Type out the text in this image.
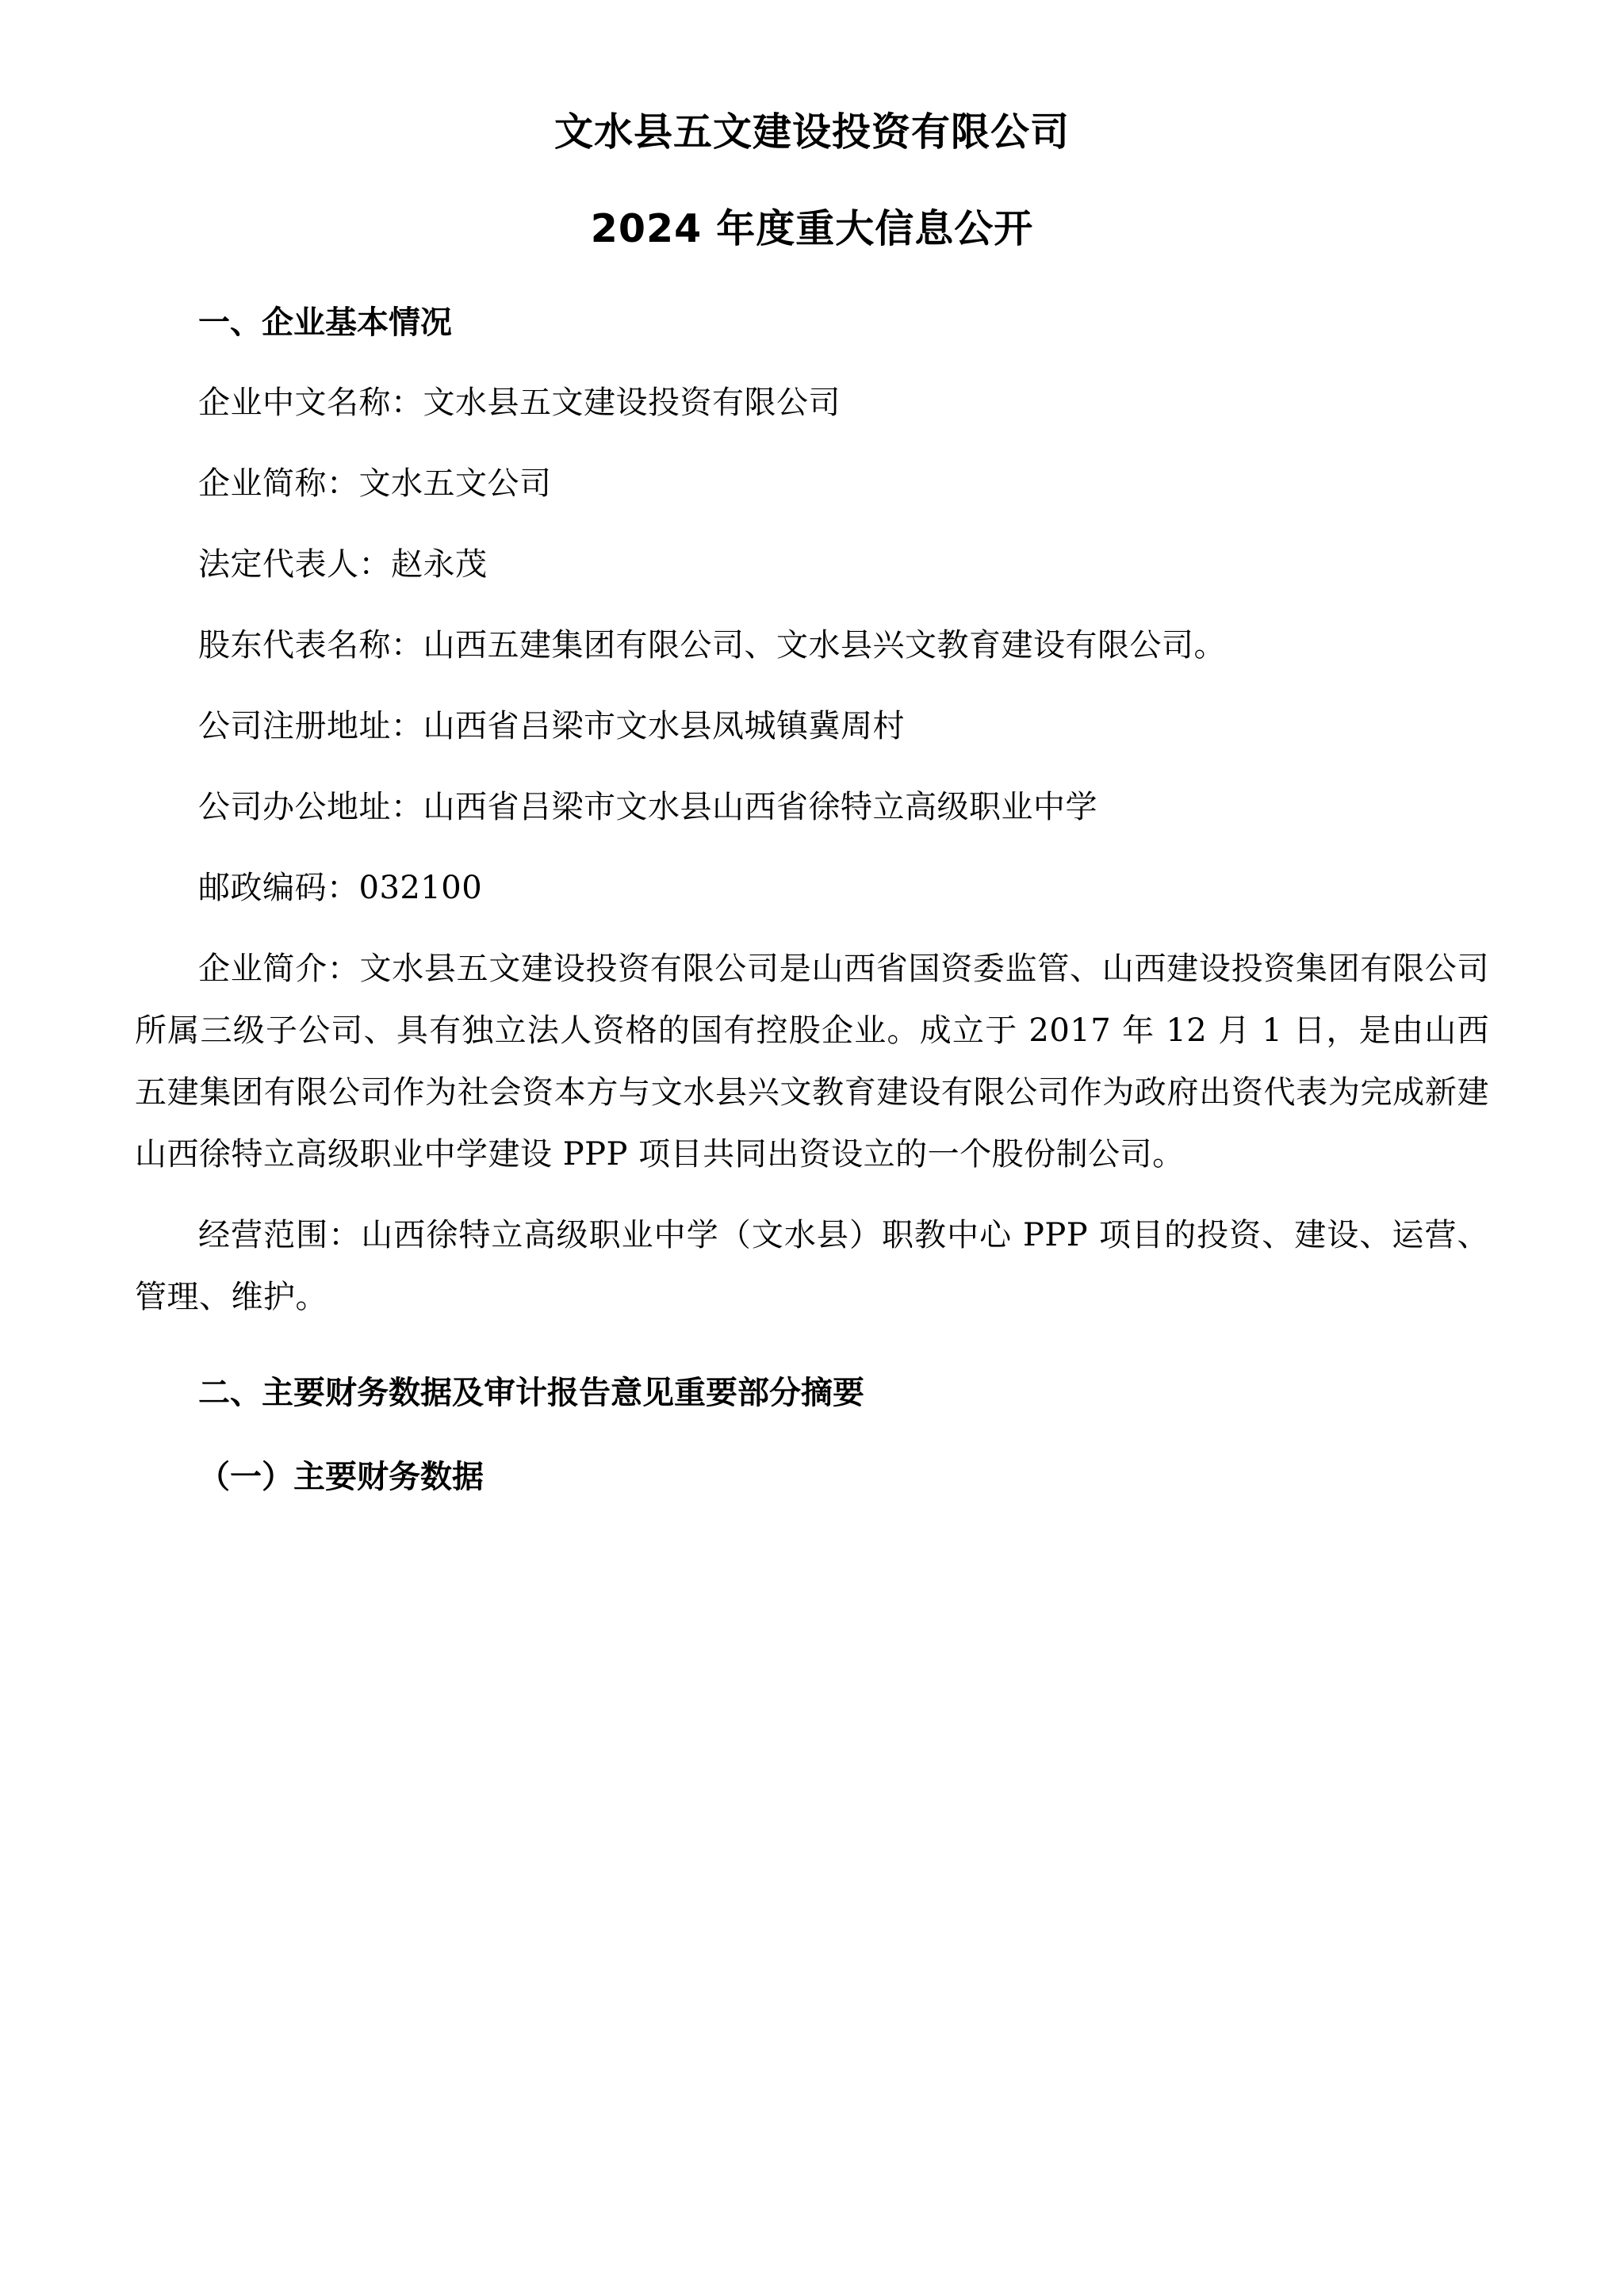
文水县五文建设投资有限公司
2024 年度重大信息公开
一、企业基本情况

企业中文名称：文水县五文建设投资有限公司

企业简称：文水五文公司

法定代表人：赵永茂

股东代表名称：山西五建集团有限公司、文水县兴文教育建设有限公司。

公司注册地址：山西省吕梁市文水县凤城镇冀周村

公司办公地址：山西省吕梁市文水县山西省徐特立高级职业中学

邮政编码：032100

企业简介：文水县五文建设投资有限公司是山西省国资委监管、山西建设投资集团有限公司所属三级子公司、具有独立法人资格的国有控股企业。成立于 2017 年 12 月 1 日，是由山西五建集团有限公司作为社会资本方与文水县兴文教育建设有限公司作为政府出资代表为完成新建山西徐特立高级职业中学建设 PPP 项目共同出资设立的一个股份制公司。

经营范围：山西徐特立高级职业中学（文水县）职教中心 PPP 项目的投资、建设、运营、管理、维护。

二、主要财务数据及审计报告意见重要部分摘要
（一）主要财务数据
